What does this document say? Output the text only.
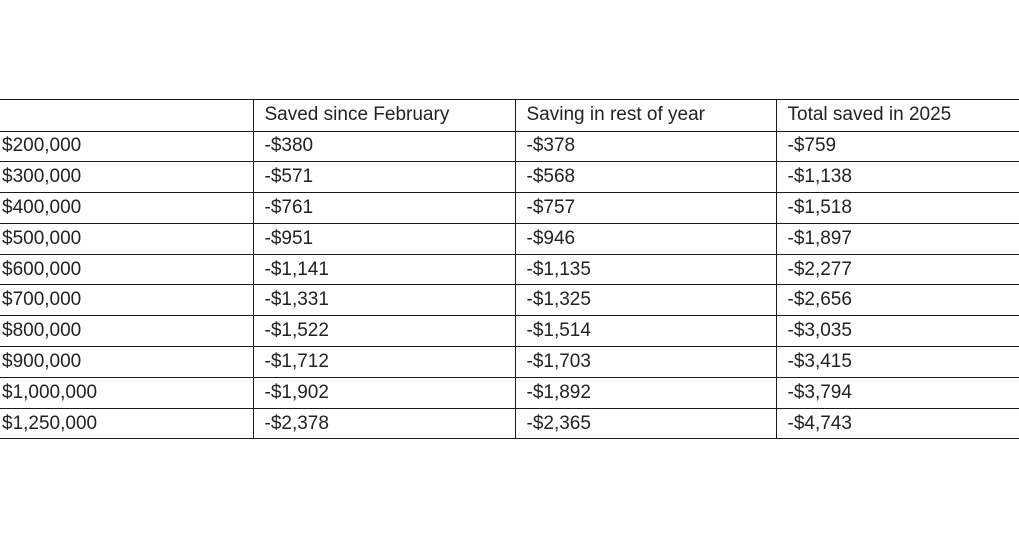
	Saved since February	Saving in rest of year	Total saved in 2025
$200,000	-$380	-$378	-$759
$300,000	-$571	-$568	-$1,138
$400,000	-$761	-$757	-$1,518
$500,000	-$951	-$946	-$1,897
$600,000	-$1,141	-$1,135	-$2,277
$700,000	-$1,331	-$1,325	-$2,656
$800,000	-$1,522	-$1,514	-$3,035
$900,000	-$1,712	-$1,703	-$3,415
$1,000,000	-$1,902	-$1,892	-$3,794
$1,250,000	-$2,378	-$2,365	-$4,743
